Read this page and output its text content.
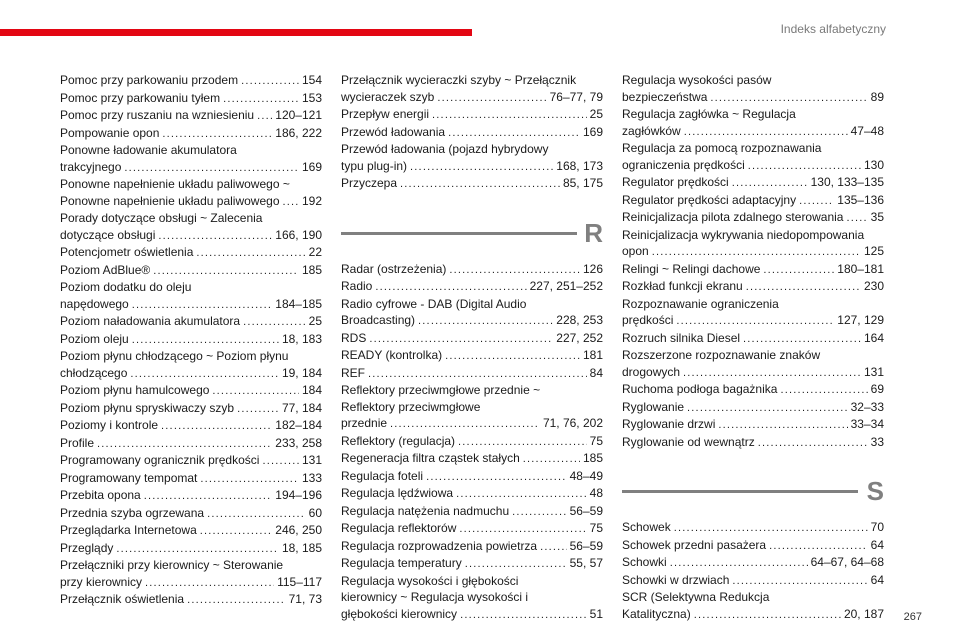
Indeks alfabetyczny
Pomoc przy parkowaniu przodem .....	154
Pomoc przy parkowaniu tyłem .....	153
Pomoc przy ruszaniu na wzniesieniu ..... 120–121
Pompowanie opon .....	186, 222
Ponowne ładowanie akumulatora
trakcyjnego .....	169
Ponowne napełnienie układu paliwowego ~
Ponowne napełnienie układu paliwowego ..... 192
Porady dotyczące obsługi ~ Zalecenia
dotyczące obsługi .....	166, 190
Potencjometr oświetlenia .....	22
Poziom AdBlue® .....	185
Poziom dodatku do oleju
napędowego .....	184–185
Poziom naładowania akumulatora .....	25
Poziom oleju .....	18, 183
Poziom płynu chłodzącego ~ Poziom płynu
chłodzącego .....	19, 184
Poziom płynu hamulcowego .....	184
Poziom płynu spryskiwaczy szyb .....	77, 184
Poziomy i kontrole .....	182–184
Profile .....	233, 258
Programowany ogranicznik prędkości .....	131
Programowany tempomat .....	133
Przebita opona .....	194–196
Przednia szyba ogrzewana .....	60
Przeglądarka Internetowa .....	246, 250
Przeglądy .....	18, 185
Przełączniki przy kierownicy ~ Sterowanie
przy kierownicy .....	115–117
Przełącznik oświetlenia .....	71, 73
Przełącznik wycieraczki szyby ~ Przełącznik
wycieraczek szyb .....	76–77, 79
Przepływ energii .....	25
Przewód ładowania .....	169
Przewód ładowania (pojazd hybrydowy
typu plug-in) .....	168, 173
Przyczepa .....	85, 175
R
Radar (ostrzeżenia) .....	126
Radio .....	227, 251–252
Radio cyfrowe - DAB (Digital Audio
Broadcasting) .....	228, 253
RDS .....	227, 252
READY (kontrolka) .....	181
REF .....	84
Reflektory przeciwmgłowe przednie ~
Reflektory przeciwmgłowe
przednie .....	71, 76, 202
Reflektory (regulacja) .....	75
Regeneracja filtra cząstek stałych .....	185
Regulacja foteli .....	48–49
Regulacja lędźwiowa .....	48
Regulacja natężenia nadmuchu .....	56–59
Regulacja reflektorów .....	75
Regulacja rozprowadzenia powietrza .....	56–59
Regulacja temperatury .....	55, 57
Regulacja wysokości i głębokości
kierownicy ~ Regulacja wysokości i
głębokości kierownicy .....	51
Regulacja wysokości pasów
bezpieczeństwa .....	89
Regulacja zagłówka ~ Regulacja
zagłówków .....	47–48
Regulacja za pomocą rozpoznawania
ograniczenia prędkości .....	130
Regulator prędkości .....	130, 133–135
Regulator prędkości adaptacyjny .....	135–136
Reinicjalizacja pilota zdalnego sterowania ..... 35
Reinicjalizacja wykrywania niedopompowania
opon .....	125
Relingi ~ Relingi dachowe .....	180–181
Rozkład funkcji ekranu .....	230
Rozpoznawanie ograniczenia
prędkości .....	127, 129
Rozruch silnika Diesel .....	164
Rozszerzone rozpoznawanie znaków
drogowych .....	131
Ruchoma podłoga bagażnika .....	69
Ryglowanie .....	32–33
Ryglowanie drzwi .....	33–34
Ryglowanie od wewnątrz .....	33
S
Schowek .....	70
Schowek przedni pasażera .....	64
Schowki .....	64–67, 64–68
Schowki w drzwiach .....	64
SCR (Selektywna Redukcja
Katalityczna) .....	20, 187 267
